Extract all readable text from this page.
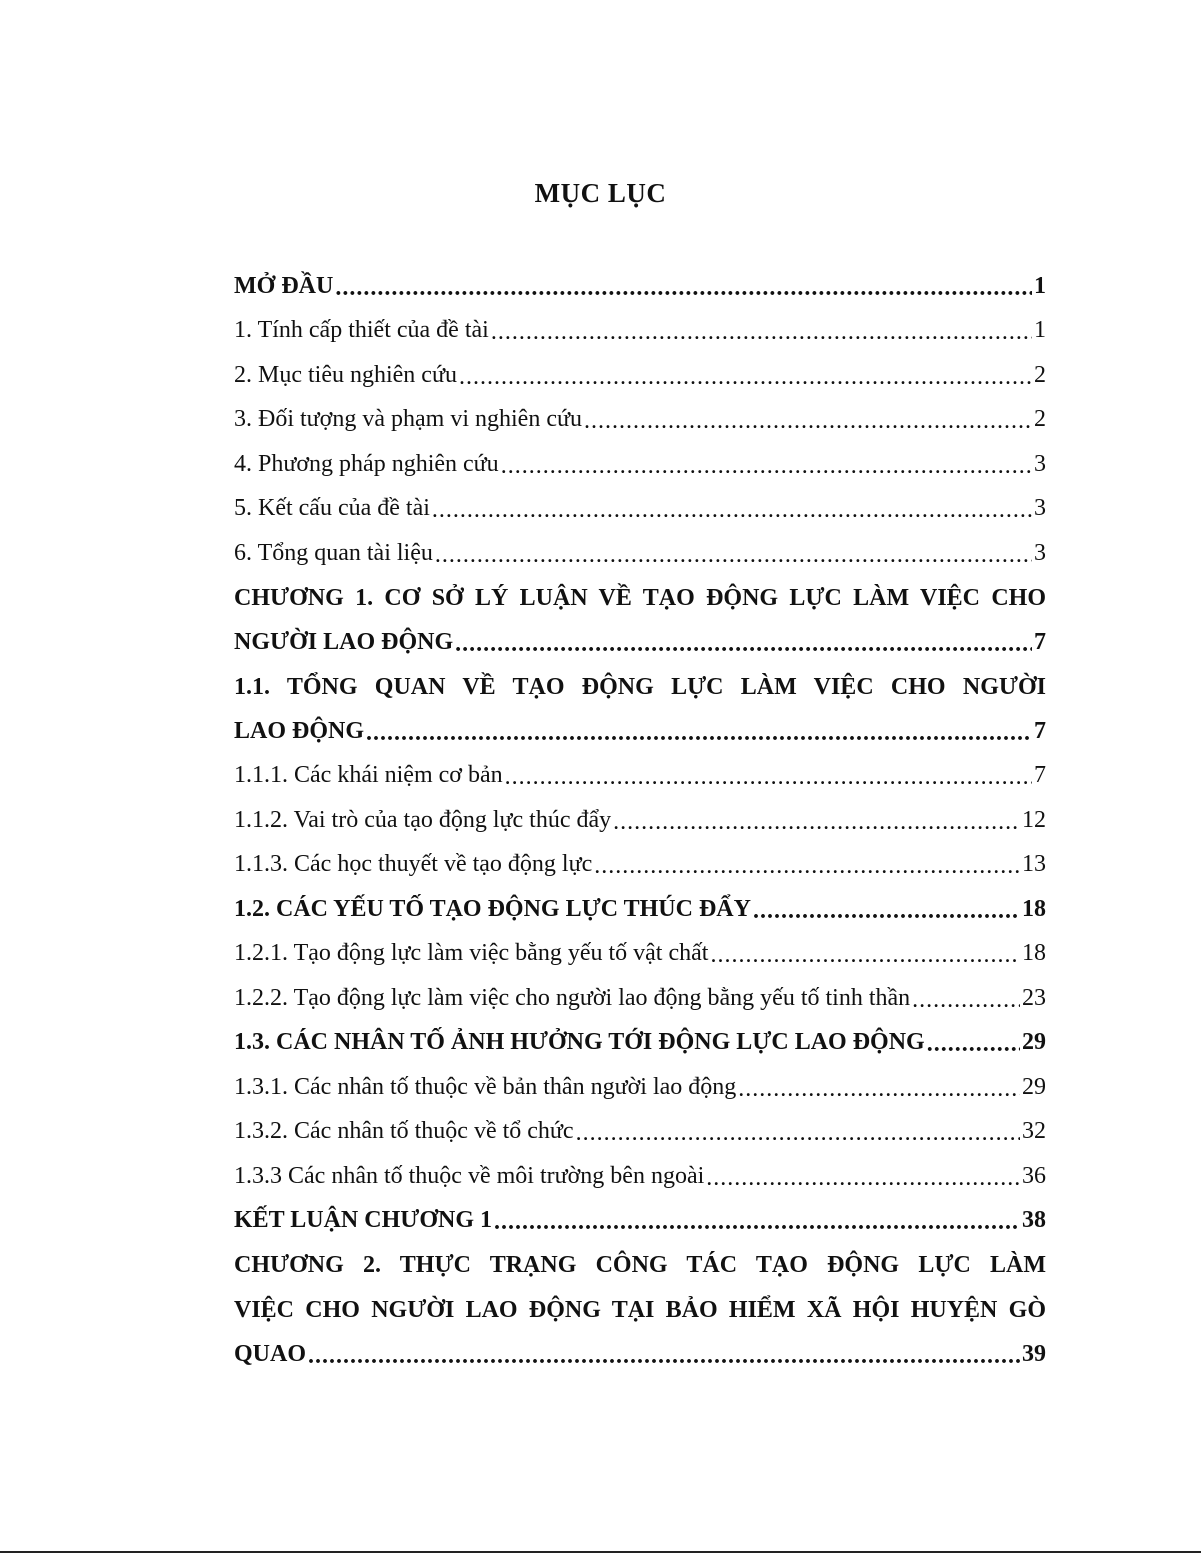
MỤC LỤC
MỞ ĐẦU .....	1
1. Tính cấp thiết của đề tài .....	1
2. Mục tiêu nghiên cứu .....	2
3. Đối tượng và phạm vi nghiên cứu .....	2
4. Phương pháp nghiên cứu .....	3
5. Kết cấu của đề tài .....	3
6. Tổng quan tài liệu .....	3
CHƯƠNG 1. CƠ SỞ LÝ LUẬN VỀ TẠO ĐỘNG LỰC LÀM VIỆC CHO
NGƯỜI LAO ĐỘNG .....	7
1.1. TỔNG QUAN VỀ TẠO ĐỘNG LỰC LÀM VIỆC CHO NGƯỜI
LAO ĐỘNG .....	7
1.1.1. Các khái niệm cơ bản .....	7
1.1.2. Vai trò của tạo động lực thúc đẩy .....	12
1.1.3. Các học thuyết về tạo động lực .....	13
1.2. CÁC YẾU TỐ TẠO ĐỘNG LỰC THÚC ĐẨY .....	18
1.2.1. Tạo động lực làm việc bằng yếu tố vật chất .....	18
1.2.2. Tạo động lực làm việc cho người lao động bằng yếu tố tinh thần .....	23
1.3. CÁC NHÂN TỐ ẢNH HƯỞNG TỚI ĐỘNG LỰC LAO ĐỘNG .....	29
1.3.1. Các nhân tố thuộc về bản thân người lao động .....	29
1.3.2. Các nhân tố thuộc về tổ chức .....	32
1.3.3 Các nhân tố thuộc về môi trường bên ngoài .....	36
KẾT LUẬN CHƯƠNG 1 .....	38
CHƯƠNG 2. THỰC TRẠNG CÔNG TÁC TẠO ĐỘNG LỰC LÀM
VIỆC CHO NGƯỜI LAO ĐỘNG TẠI BẢO HIỂM XÃ HỘI HUYỆN GÒ
QUAO .....	39
